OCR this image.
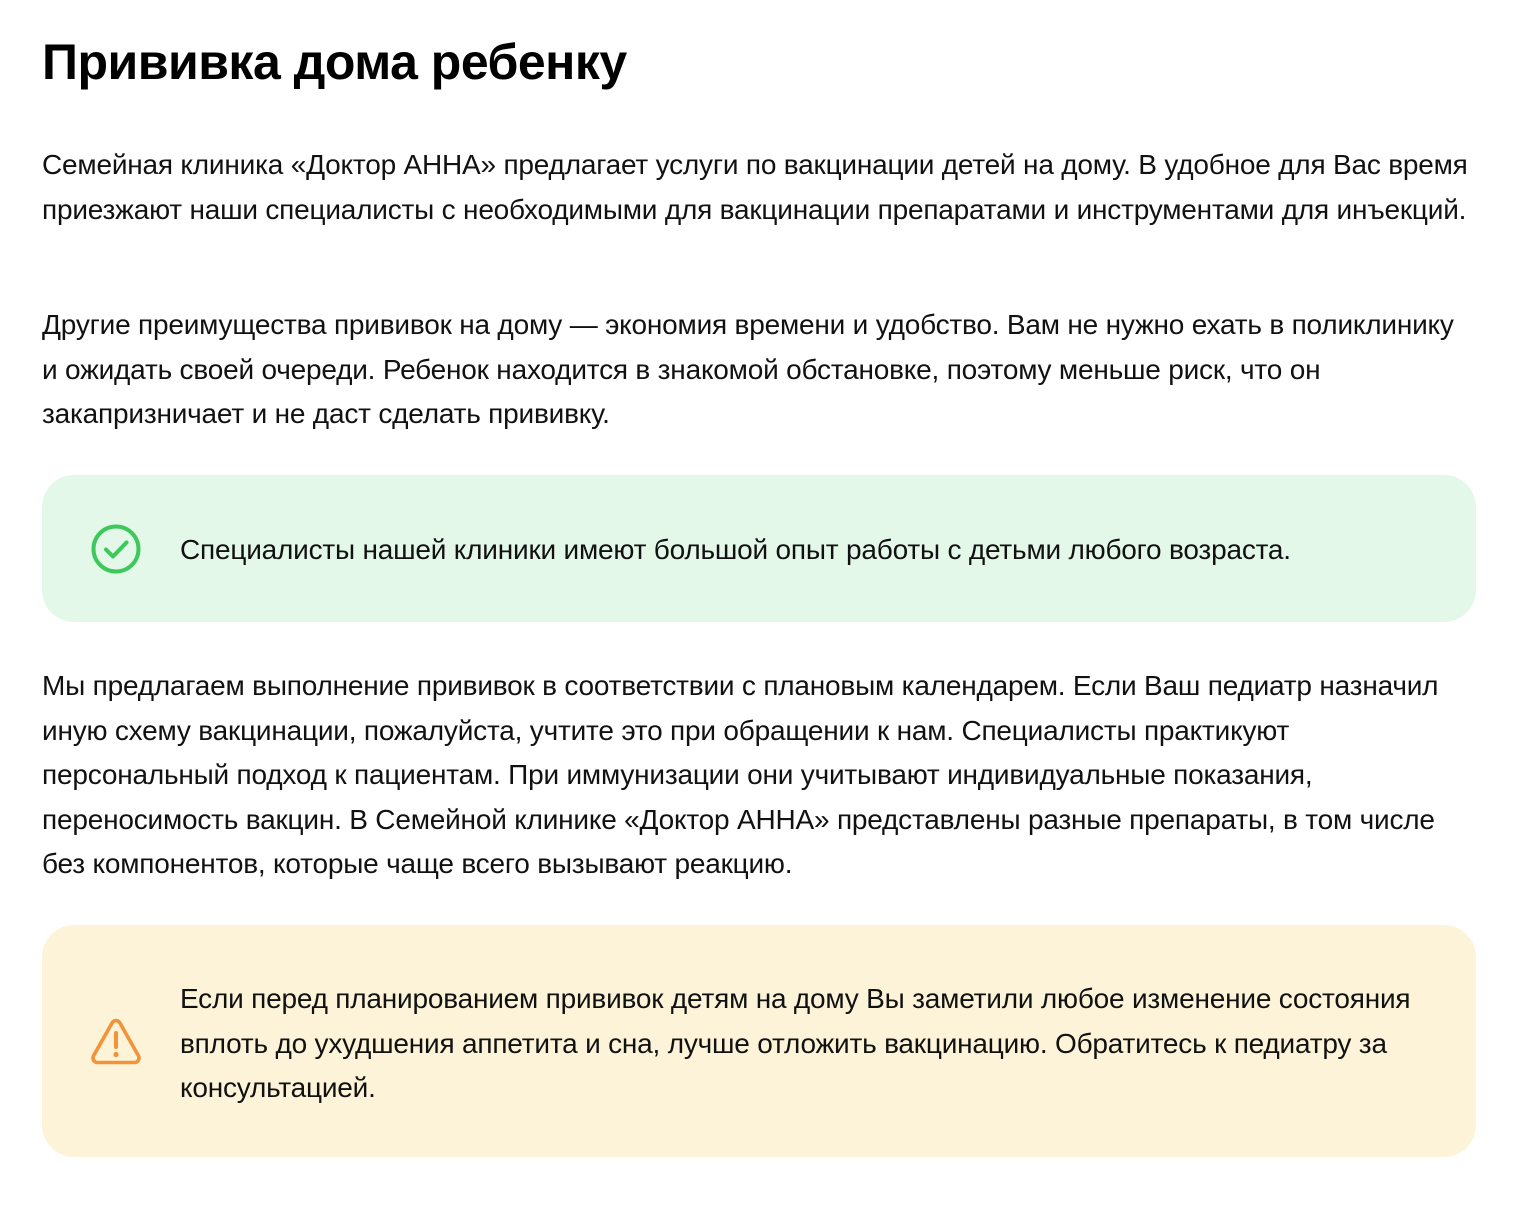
Прививка дома ребенку

Семейная клиника «Доктор АННА» предлагает услуги по вакцинации детей на дому. В удобное для Вас время приезжают наши специалисты с необходимыми для вакцинации препаратами и инструментами для инъекций.

Другие преимущества прививок на дому — экономия времени и удобство. Вам не нужно ехать в поликлинику и ожидать своей очереди. Ребенок находится в знакомой обстановке, поэтому меньше риск, что он закапризничает и не даст сделать прививку.

Специалисты нашей клиники имеют большой опыт работы с детьми любого возраста.

Мы предлагаем выполнение прививок в соответствии с плановым календарем. Если Ваш педиатр назначил иную схему вакцинации, пожалуйста, учтите это при обращении к нам. Специалисты практикуют персональный подход к пациентам. При иммунизации они учитывают индивидуальные показания, переносимость вакцин. В Семейной клинике «Доктор АННА» представлены разные препараты, в том числе без компонентов, которые чаще всего вызывают реакцию.

Если перед планированием прививок детям на дому Вы заметили любое изменение состояния вплоть до ухудшения аппетита и сна, лучше отложить вакцинацию. Обратитесь к педиатру за консультацией.
